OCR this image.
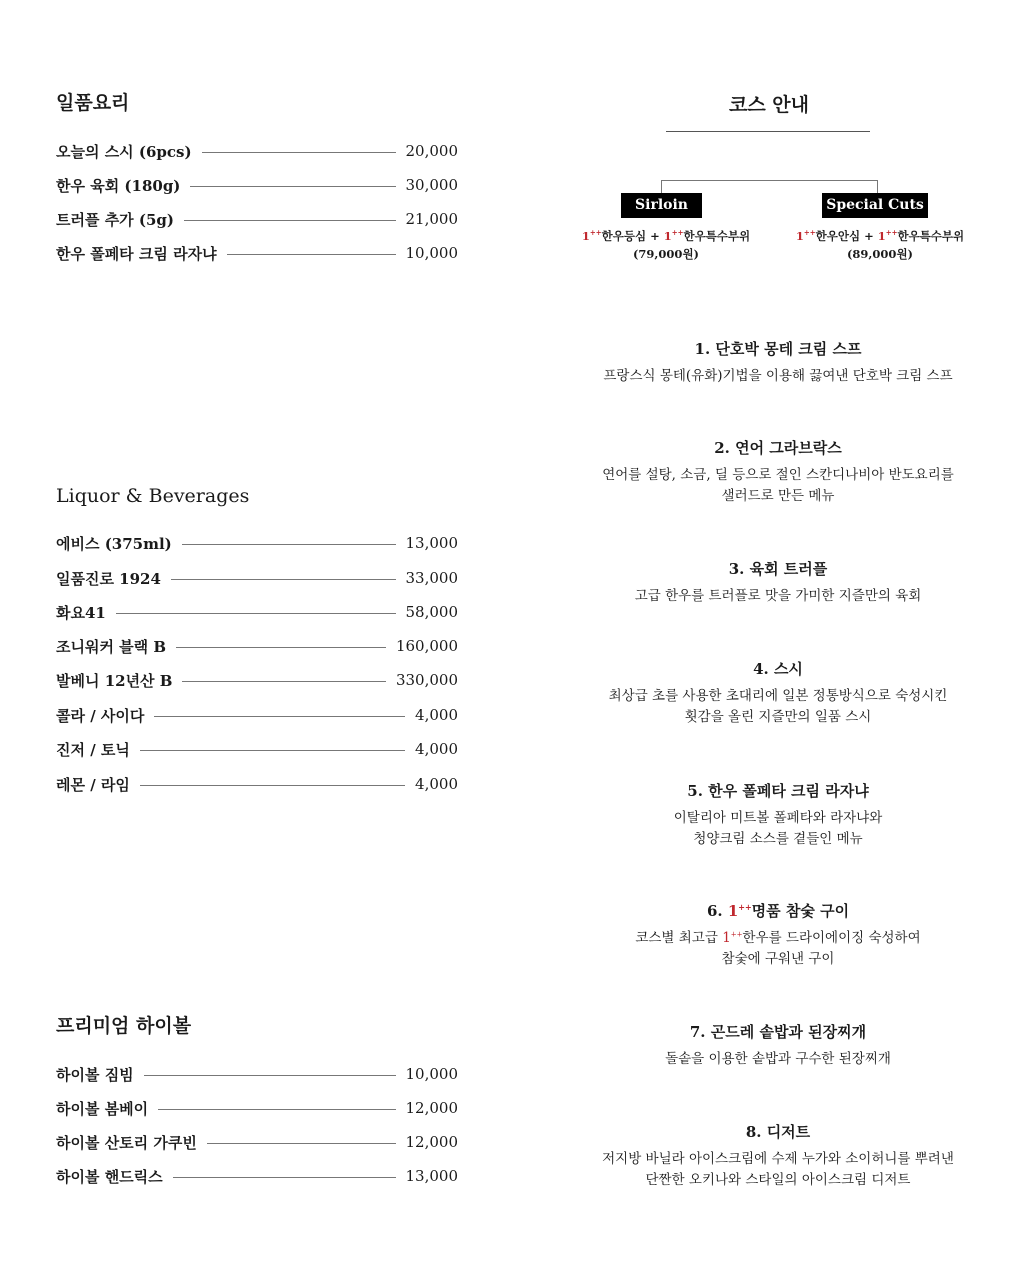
일품요리
오늘의 스시 (6pcs)	20,000
한우 육회 (180g)	30,000
트러플 추가 (5g)	21,000
한우 폴페타 크림 라자냐	10,000
Liquor & Beverages
에비스 (375ml)	13,000
일품진로 1924	33,000
화요41	58,000
조니워커 블랙 B	160,000
발베니 12년산 B	330,000
콜라 / 사이다	4,000
진저 / 토닉	4,000
레몬 / 라임	4,000
프리미엄 하이볼
하이볼 짐빔	10,000
하이볼 봄베이	12,000
하이볼 산토리 가쿠빈	12,000
하이볼 핸드릭스	13,000
코스 안내
Sirloin	Special Cuts
1++한우등심 + 1++한우특수부위
(79,000원)
1++한우안심 + 1++한우특수부위
(89,000원)
1. 단호박 몽테 크림 스프
프랑스식 몽테(유화)기법을 이용해 끓여낸 단호박 크림 스프
2. 연어 그라브락스
연어를 설탕, 소금, 딜 등으로 절인 스칸디나비아 반도요리를
샐러드로 만든 메뉴
3. 육회 트러플
고급 한우를 트러플로 맛을 가미한 지즐만의 육회
4. 스시
최상급 초를 사용한 초대리에 일본 정통방식으로 숙성시킨
횟감을 올린 지즐만의 일품 스시
5. 한우 폴페타 크림 라자냐
이탈리아 미트볼 폴페타와 라자냐와
청양크림 소스를 곁들인 메뉴
6. 1++명품 참숯 구이
코스별 최고급 1++한우를 드라이에이징 숙성하여
참숯에 구워낸 구이
7. 곤드레 솥밥과 된장찌개
돌솥을 이용한 솥밥과 구수한 된장찌개
8. 디저트
저지방 바닐라 아이스크림에 수제 누가와 소이허니를 뿌려낸
단짠한 오키나와 스타일의 아이스크림 디저트
